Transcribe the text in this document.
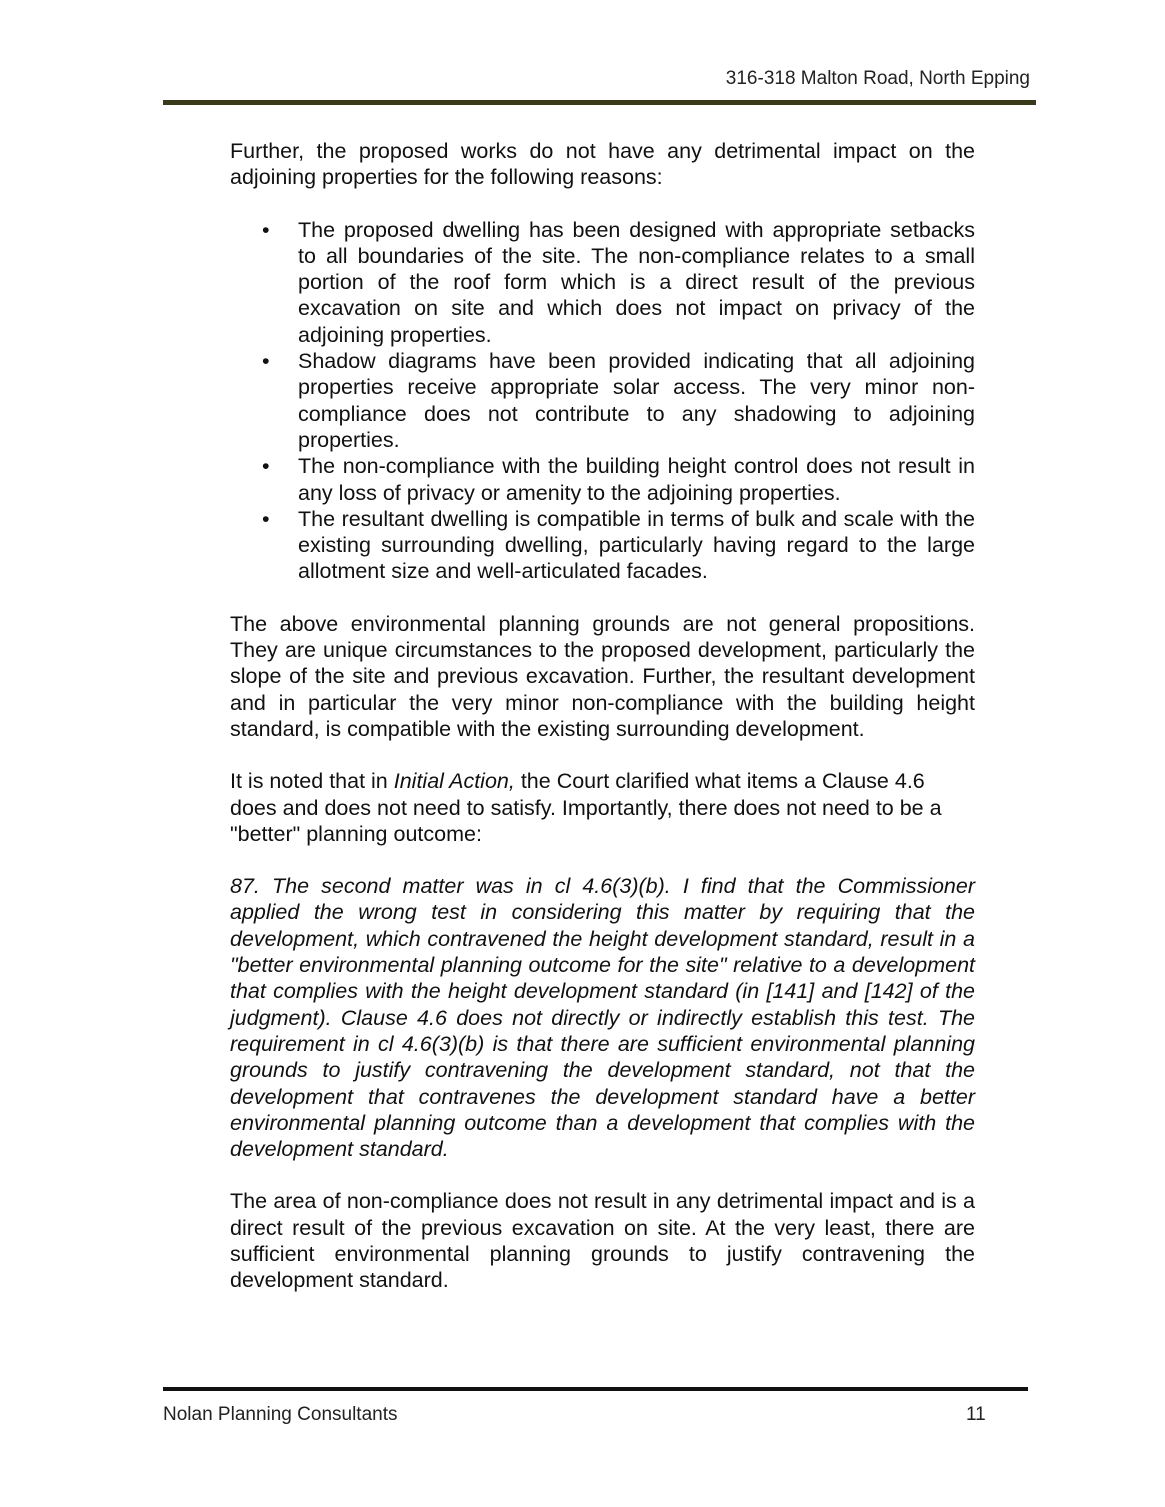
316-318 Malton Road, North Epping

Further, the proposed works do not have any detrimental impact on the adjoining properties for the following reasons:

• The proposed dwelling has been designed with appropriate setbacks to all boundaries of the site. The non-compliance relates to a small portion of the roof form which is a direct result of the previous excavation on site and which does not impact on privacy of the adjoining properties.
• Shadow diagrams have been provided indicating that all adjoining properties receive appropriate solar access. The very minor non-compliance does not contribute to any shadowing to adjoining properties.
• The non-compliance with the building height control does not result in any loss of privacy or amenity to the adjoining properties.
• The resultant dwelling is compatible in terms of bulk and scale with the existing surrounding dwelling, particularly having regard to the large allotment size and well-articulated facades.

The above environmental planning grounds are not general propositions. They are unique circumstances to the proposed development, particularly the slope of the site and previous excavation. Further, the resultant development and in particular the very minor non-compliance with the building height standard, is compatible with the existing surrounding development.

It is noted that in Initial Action, the Court clarified what items a Clause 4.6 does and does not need to satisfy. Importantly, there does not need to be a "better" planning outcome:

87. The second matter was in cl 4.6(3)(b). I find that the Commissioner applied the wrong test in considering this matter by requiring that the development, which contravened the height development standard, result in a "better environmental planning outcome for the site" relative to a development that complies with the height development standard (in [141] and [142] of the judgment). Clause 4.6 does not directly or indirectly establish this test. The requirement in cl 4.6(3)(b) is that there are sufficient environmental planning grounds to justify contravening the development standard, not that the development that contravenes the development standard have a better environmental planning outcome than a development that complies with the development standard.

The area of non-compliance does not result in any detrimental impact and is a direct result of the previous excavation on site. At the very least, there are sufficient environmental planning grounds to justify contravening the development standard.

Nolan Planning Consultants	11
